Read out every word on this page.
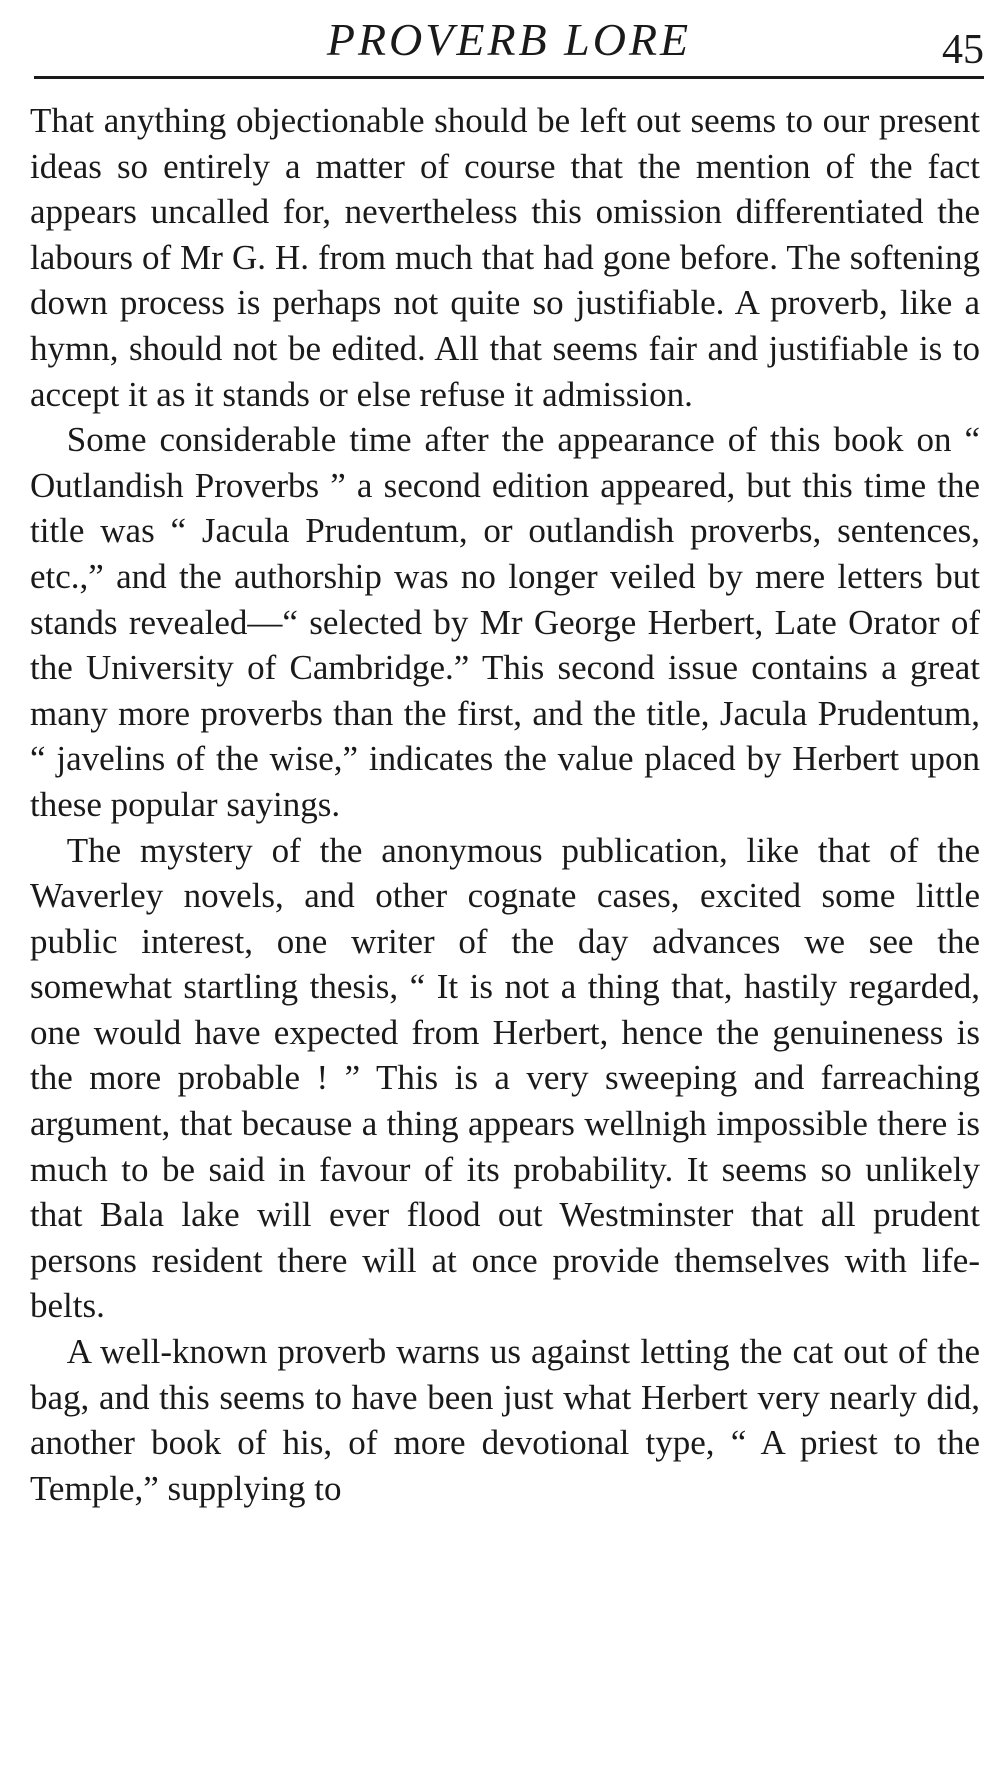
PROVERB LORE	45

That anything objectionable should be left out seems to our present ideas so entirely a matter of course that the mention of the fact appears uncalled for, nevertheless this omission differentiated the labours of Mr G. H. from much that had gone before. The softening down process is perhaps not quite so justifiable. A proverb, like a hymn, should not be edited. All that seems fair and justifiable is to accept it as it stands or else refuse it admission.

Some considerable time after the appearance of this book on “ Outlandish Proverbs ” a second edition appeared, but this time the title was “ Jacula Prudentum, or outlandish proverbs, sentences, etc.,” and the authorship was no longer veiled by mere letters but stands revealed—“ selected by Mr George Herbert, Late Orator of the University of Cambridge.” This second issue contains a great many more proverbs than the first, and the title, Jacula Prudentum, “ javelins of the wise,” indicates the value placed by Herbert upon these popular sayings.

The mystery of the anonymous publication, like that of the Waverley novels, and other cognate cases, excited some little public interest, one writer of the day advances we see the somewhat startling thesis, “ It is not a thing that, hastily regarded, one would have expected from Herbert, hence the genuineness is the more probable ! ” This is a very sweeping and farreaching argument, that because a thing appears wellnigh impossible there is much to be said in favour of its probability. It seems so unlikely that Bala lake will ever flood out Westminster that all prudent persons resident there will at once provide themselves with life-belts.

A well-known proverb warns us against letting the cat out of the bag, and this seems to have been just what Herbert very nearly did, another book of his, of more devotional type, “ A priest to the Temple,” supplying to
